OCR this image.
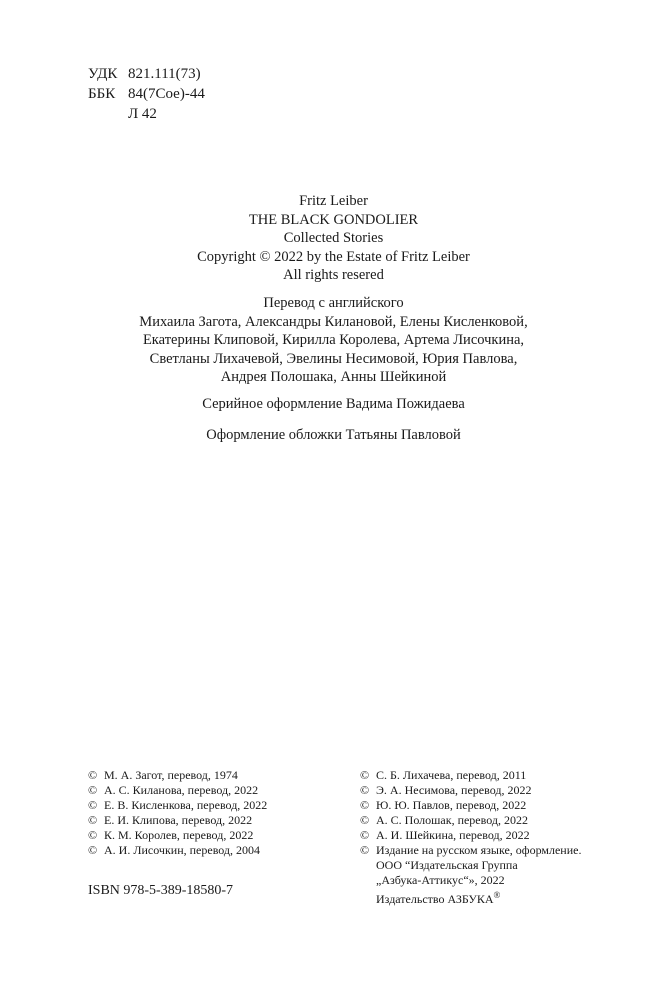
УДК 821.111(73)
ББК 84(7Сое)-44
Л 42
Fritz Leiber
THE BLACK GONDOLIER
Collected Stories
Copyright © 2022 by the Estate of Fritz Leiber
All rights resered
Перевод с английского
Михаила Загота, Александры Килановой, Елены Кисленковой,
Екатерины Клиповой, Кирилла Королева, Артема Лисочкина,
Светланы Лихачевой, Эвелины Несимовой, Юрия Павлова,
Андрея Полошака, Анны Шейкиной
Серийное оформление Вадима Пожидаева
Оформление обложки Татьяны Павловой
© М. А. Загот, перевод, 1974
© А. С. Киланова, перевод, 2022
© Е. В. Кисленкова, перевод, 2022
© Е. И. Клипова, перевод, 2022
© К. М. Королев, перевод, 2022
© А. И. Лисочкин, перевод, 2004
© С. Б. Лихачева, перевод, 2011
© Э. А. Несимова, перевод, 2022
© Ю. Ю. Павлов, перевод, 2022
© А. С. Полошак, перевод, 2022
© А. И. Шейкина, перевод, 2022
© Издание на русском языке, оформление.
ООО “Издательская Группа
„Азбука-Аттикус“», 2022
Издательство АЗБУКА®
ISBN 978-5-389-18580-7
